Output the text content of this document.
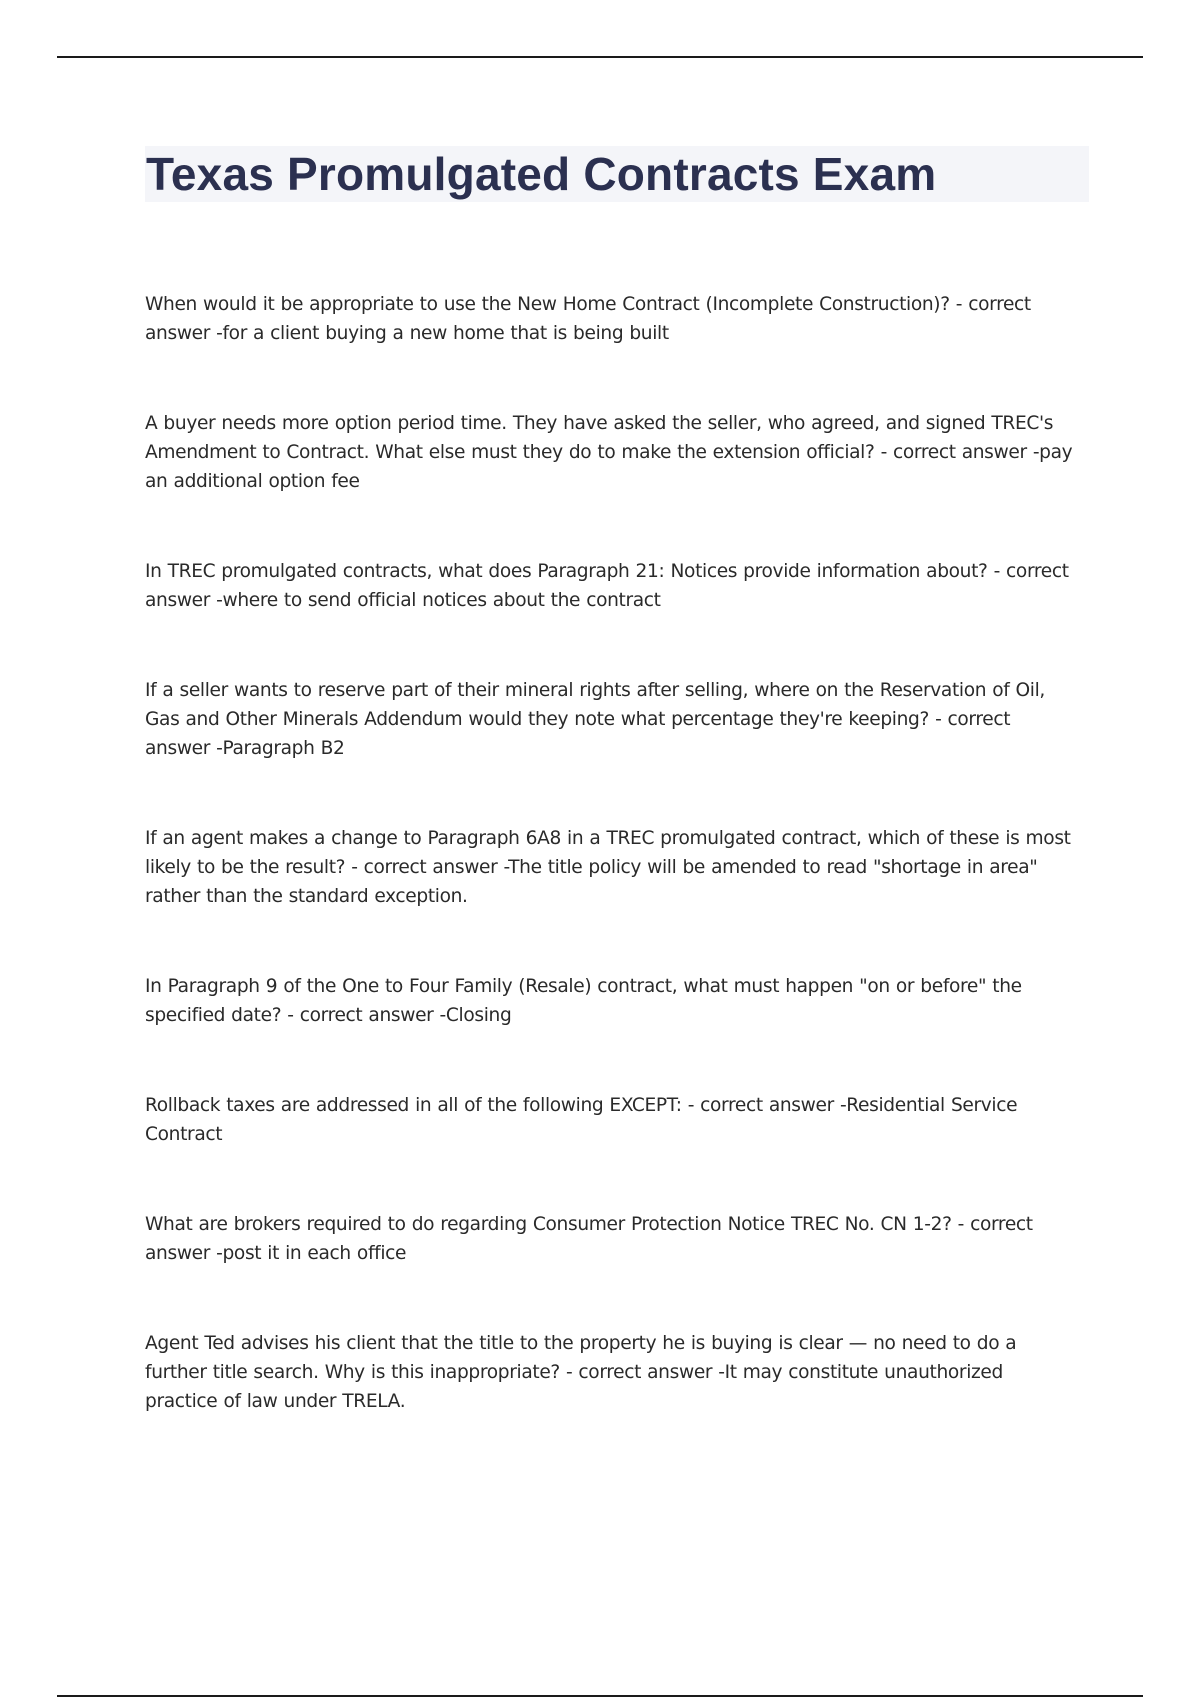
Texas Promulgated Contracts Exam
When would it be appropriate to use the New Home Contract (Incomplete Construction)? - correct answer -for a client buying a new home that is being built
A buyer needs more option period time. They have asked the seller, who agreed, and signed TREC's Amendment to Contract. What else must they do to make the extension official? - correct answer -pay an additional option fee
In TREC promulgated contracts, what does Paragraph 21: Notices provide information about? - correct answer -where to send official notices about the contract
If a seller wants to reserve part of their mineral rights after selling, where on the Reservation of Oil, Gas and Other Minerals Addendum would they note what percentage they're keeping? - correct answer -Paragraph B2
If an agent makes a change to Paragraph 6A8 in a TREC promulgated contract, which of these is most likely to be the result? - correct answer -The title policy will be amended to read "shortage in area" rather than the standard exception.
In Paragraph 9 of the One to Four Family (Resale) contract, what must happen "on or before" the specified date? - correct answer -Closing
Rollback taxes are addressed in all of the following EXCEPT: - correct answer -Residential Service Contract
What are brokers required to do regarding Consumer Protection Notice TREC No. CN 1-2? - correct answer -post it in each office
Agent Ted advises his client that the title to the property he is buying is clear — no need to do a further title search. Why is this inappropriate? - correct answer -It may constitute unauthorized practice of law under TRELA.
